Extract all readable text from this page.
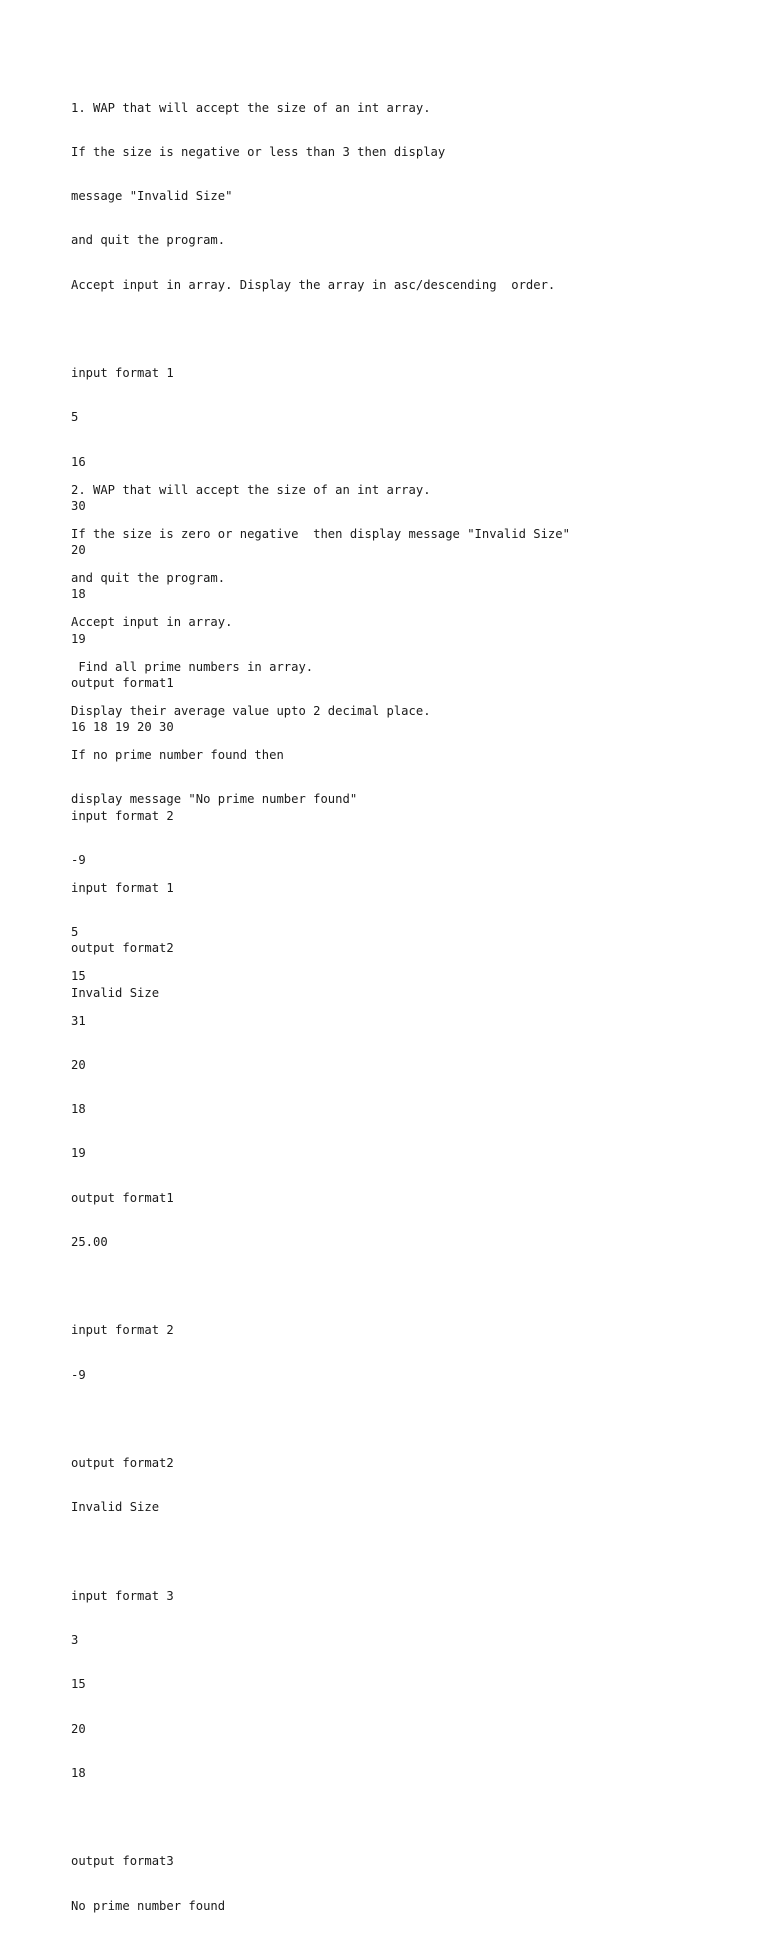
1. WAP that will accept the size of an int array.

If the size is negative or less than 3 then display

message "Invalid Size"

and quit the program.

Accept input in array. Display the array in asc/descending  order.

input format 1

5

16

30

20

18

19

output format1

16 18 19 20 30

input format 2

-9

output format2

Invalid Size

2. WAP that will accept the size of an int array.

If the size is zero or negative  then display message "Invalid Size"

and quit the program.

Accept input in array.

Find all prime numbers in array.

Display their average value upto 2 decimal place.

If no prime number found then

display message "No prime number found"

input format 1

5

15

31

20

18

19

output format1

25.00

input format 2

-9

output format2

Invalid Size

input format 3

3

15

20

18

output format3

No prime number found
